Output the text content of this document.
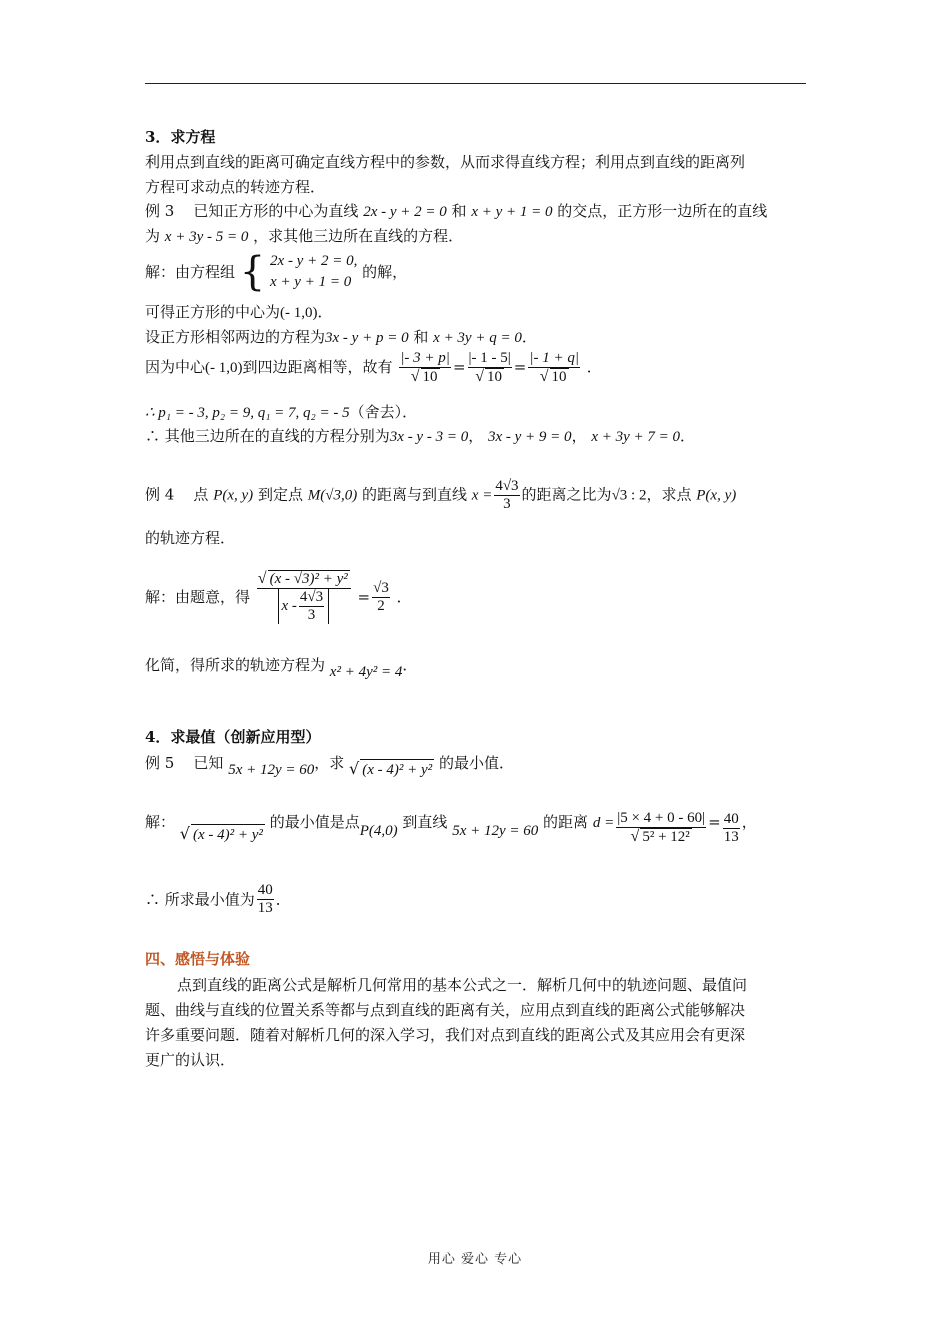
3．求方程
利用点到直线的距离可确定直线方程中的参数，从而求得直线方程；利用点到直线的距离列
方程可求动点的转迹方程．
例 3 已知正方形的中心为直线 2x - y + 2 = 0 和 x + y + 1 = 0 的交点，正方形一边所在的直线
为 x + 3y - 5 = 0 ，求其他三边所在直线的方程．
解：由方程组 { 2x - y + 2 = 0,
x + y + 1 = 0
的解，
可得正方形的中心为(- 1,0)．
设正方形相邻两边的方程为3x - y + p = 0 和 x + 3y + q = 0．
因为中心(- 1,0)到四边距离相等，故有 $\frac{|- 3 + p|}{√ 10} = \frac{|- 1 - 5|}{√ 10} = \frac{|- 1 + q|}{√ 10}$ ．
∴ p₁ = - 3, p₂ = 9, q₁ = 7, q₂ = - 5（舍去）．
∴ 其他三边所在的直线的方程分别为3x - y - 3 = 0， 3x - y + 9 = 0， x + 3y + 7 = 0．
例 4 点 P(x, y) 到定点 M(√3,0) 的距离与到直线 $x = \frac{4√3}{3}$ 的距离之比为√3 : 2，求点 P(x, y)
的轨迹方程．
解：由题意，得 $\frac{\text{√ (x - √3)² + y²}}{x - \frac{4√3}{3}} = \frac{√3}{2}$ ．
化简，得所求的轨迹方程为 x² + 4y² = 4．
4．求最值（创新应用型）
例 5 已知 5x + 12y = 60，求 √ (x - 4)² + y² 的最小值．
解： √ (x - 4)² + y² 的最小值是点P(4,0) 到直线 5x + 12y = 60 的距离 $d = \frac{|5 \times 4 + 0 - 60|}{\text{√ 5² + 12²}} = \frac{40}{13}$ ，
∴ 所求最小值为 $\frac{40}{13}$ ．
四、感悟与体验
点到直线的距离公式是解析几何常用的基本公式之一．解析几何中的轨迹问题、最值问
题、曲线与直线的位置关系等都与点到直线的距离有关，应用点到直线的距离公式能够解决
许多重要问题．随着对解析几何的深入学习，我们对点到直线的距离公式及其应用会有更深
更广的认识．
用心 爱心 专心
